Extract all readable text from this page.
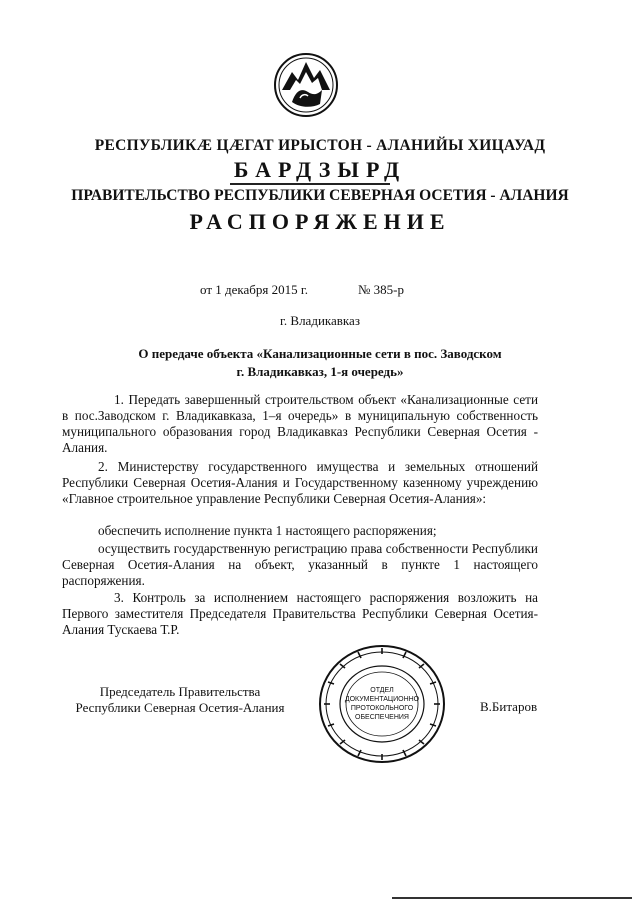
РЕСПУБЛИКӔ ЦӔГАТ ИРЫСТОН - АЛАНИЙЫ ХИЦАУАД
БАРДЗЫРД
ПРАВИТЕЛЬСТВО РЕСПУБЛИКИ СЕВЕРНАЯ ОСЕТИЯ - АЛАНИЯ
РАСПОРЯЖЕНИЕ
от 1 декабря 2015 г.	№ 385-р
г. Владикавказ
О передаче объекта «Канализационные сети в пос. Заводском
г. Владикавказ, 1-я очередь»
1. Передать завершенный строительством объект «Канализационные сети в пос.Заводском г. Владикавказа, 1–я очередь» в муниципальную собственность муниципального образования город Владикавказ Республики Северная Осетия - Алания.
2. Министерству государственного имущества и земельных отношений Республики Северная Осетия-Алания и Государственному казенному учреждению «Главное строительное управление Республики Северная Осетия-Алания»:
обеспечить исполнение пункта 1 настоящего распоряжения;
осуществить государственную регистрацию права собственности Республики Северная Осетия-Алания на объект, указанный в пункте 1 настоящего распоряжения.
3. Контроль за исполнением настоящего распоряжения возложить на Первого заместителя Председателя Правительства Республики Северная Осетия-Алания Тускаева Т.Р.
Председатель Правительства
Республики Северная Осетия-Алания
ОТДЕЛ
ДОКУМЕНТАЦИОННО
ПРОТОКОЛЬНОГО
ОБЕСПЕЧЕНИЯ
В.Битаров
